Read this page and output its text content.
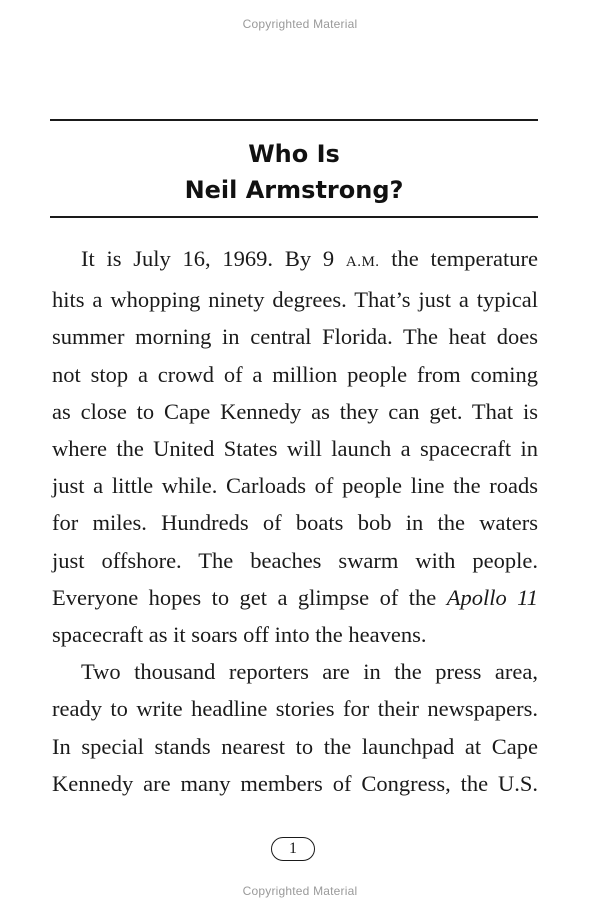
Copyrighted Material
Who Is
Neil Armstrong?

It is July 16, 1969. By 9 A.M. the temperature
hits a whopping ninety degrees. That’s just a typical
summer morning in central Florida. The heat does
not stop a crowd of a million people from coming
as close to Cape Kennedy as they can get. That is
where the United States will launch a spacecraft in
just a little while. Carloads of people line the roads
for miles. Hundreds of boats bob in the waters
just offshore. The beaches swarm with people.
Everyone hopes to get a glimpse of the Apollo 11
spacecraft as it soars off into the heavens.

Two thousand reporters are in the press area,
ready to write headline stories for their newspapers.
In special stands nearest to the launchpad at Cape
Kennedy are many members of Congress, the U.S.

1
Copyrighted Material
